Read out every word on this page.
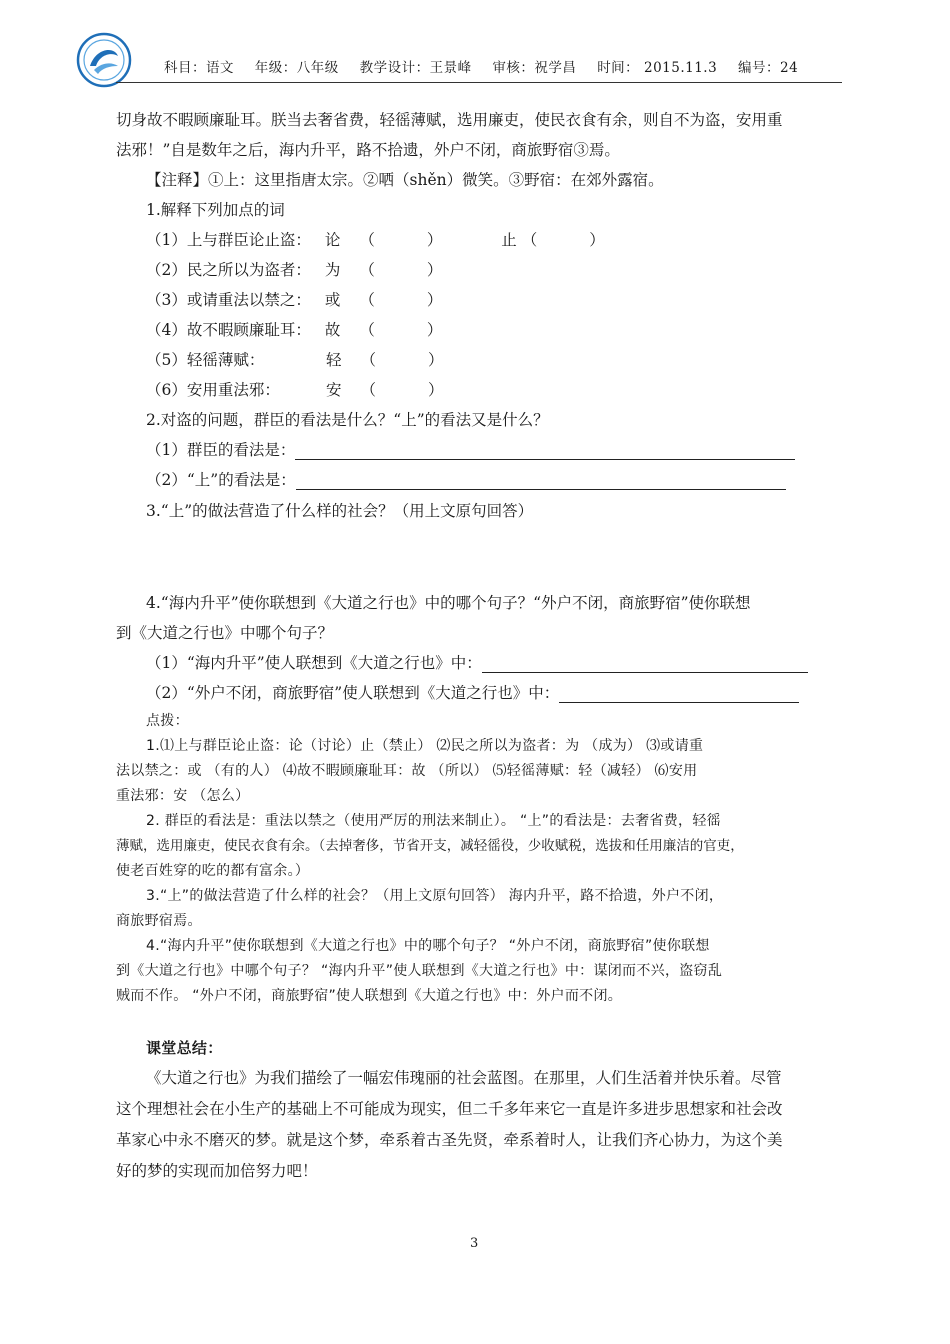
科目：语文 年级：八年级 教学设计：王景峰 审核：祝学昌 时间： 2015.11.3 编号：24
切身故不暇顾廉耻耳。朕当去奢省费，轻徭薄赋，选用廉吏，使民衣食有余，则自不为盗，安用重
法邪！”自是数年之后，海内升平，路不拾遗，外户不闭，商旅野宿③焉。
【注释】①上：这里指唐太宗。②哂（shěn）微笑。③野宿：在郊外露宿。
1.解释下列加点的词
（1）上与群臣论止盗： 论 （	）	止 （	）
（2）民之所以为盗者： 为 （	）
（3）或请重法以禁之： 或 （	）
（4）故不暇顾廉耻耳： 故 （	）
（5）轻徭薄赋：	轻 （	）
（6）安用重法邪：	安 （	）
2.对盗的问题，群臣的看法是什么？“上”的看法又是什么？
（1）群臣的看法是：
（2）“上”的看法是：
3.“上”的做法营造了什么样的社会？（用上文原句回答）
4.“海内升平”使你联想到《大道之行也》中的哪个句子？“外户不闭，商旅野宿”使你联想
到《大道之行也》中哪个句子？
（1）“海内升平”使人联想到《大道之行也》中：
（2）“外户不闭，商旅野宿”使人联想到《大道之行也》中：
点拨：
1.⑴上与群臣论止盗：论（讨论）止（禁止） ⑵民之所以为盗者：为 （成为） ⑶或请重
法以禁之：或 （有的人） ⑷故不暇顾廉耻耳：故 （所以） ⑸轻徭薄赋：轻（减轻） ⑹安用
重法邪：安 （怎么）
2. 群臣的看法是：重法以禁之（使用严厉的刑法来制止）。 “上”的看法是：去奢省费，轻徭
薄赋，选用廉吏，使民衣食有余。（去掉奢侈，节省开支，减轻徭役，少收赋税，选拔和任用廉洁的官吏，
使老百姓穿的吃的都有富余。）
3.“上”的做法营造了什么样的社会？（用上文原句回答） 海内升平，路不拾遗，外户不闭，
商旅野宿焉。
4.“海内升平”使你联想到《大道之行也》中的哪个句子？ “外户不闭，商旅野宿”使你联想
到《大道之行也》中哪个句子？ “海内升平”使人联想到《大道之行也》中：谋闭而不兴，盗窃乱
贼而不作。 “外户不闭，商旅野宿”使人联想到《大道之行也》中：外户而不闭。
课堂总结：
《大道之行也》为我们描绘了一幅宏伟瑰丽的社会蓝图。在那里，人们生活着并快乐着。尽管
这个理想社会在小生产的基础上不可能成为现实，但二千多年来它一直是许多进步思想家和社会改
革家心中永不磨灭的梦。就是这个梦，牵系着古圣先贤，牵系着时人，让我们齐心协力，为这个美
好的梦的实现而加倍努力吧！
3
